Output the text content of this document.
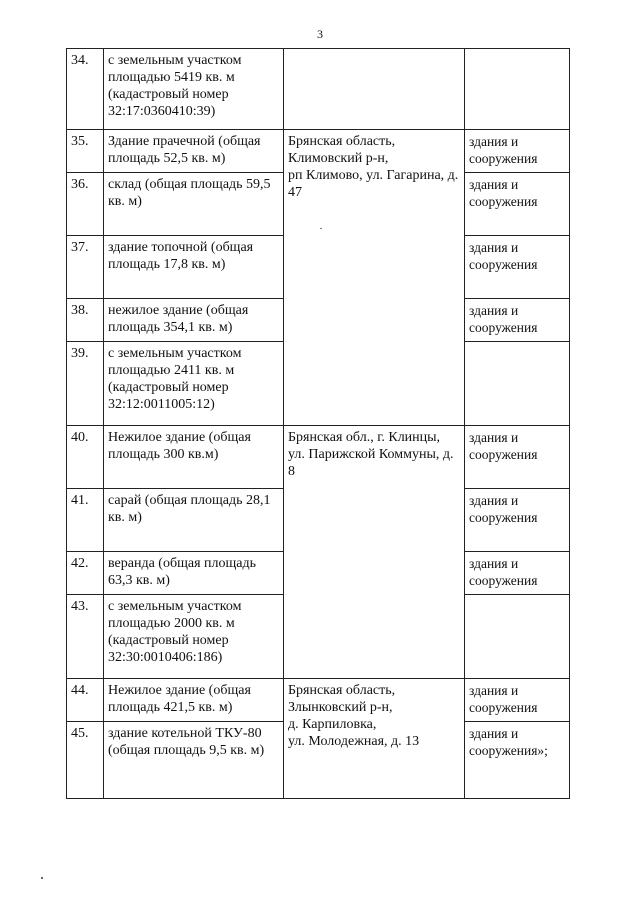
3
34.	с земельным участком площадью 5419 кв. м (кадастровый номер 32:17:0360410:39)		
35.	Здание прачечной (общая площадь 52,5 кв. м)	Брянская область,
Климовский р-н,
рп Климово, ул. Гагарина, д. 47	здания и сооружения
36.	склад (общая площадь 59,5 кв. м)		здания и сооружения
37.	здание топочной (общая площадь 17,8 кв. м)		здания и сооружения
38.	нежилое здание (общая площадь 354,1 кв. м)		здания и сооружения
39.	с земельным участком площадью 2411 кв. м (кадастровый номер 32:12:0011005:12)		
40.	Нежилое здание (общая площадь 300 кв.м)	Брянская обл., г. Клинцы, ул. Парижской Коммуны, д. 8	здания и сооружения
41.	сарай (общая площадь 28,1 кв. м)		здания и сооружения
42.	веранда (общая площадь 63,3 кв. м)		здания и сооружения
43.	с земельным участком площадью 2000 кв. м (кадастровый номер 32:30:0010406:186)		
44.	Нежилое здание (общая площадь 421,5 кв. м)	Брянская область,
Злынковский р-н,
д. Карпиловка,
ул. Молодежная, д. 13	здания и сооружения
45.	здание котельной ТКУ-80 (общая площадь 9,5 кв. м)		здания и сооружения»;
